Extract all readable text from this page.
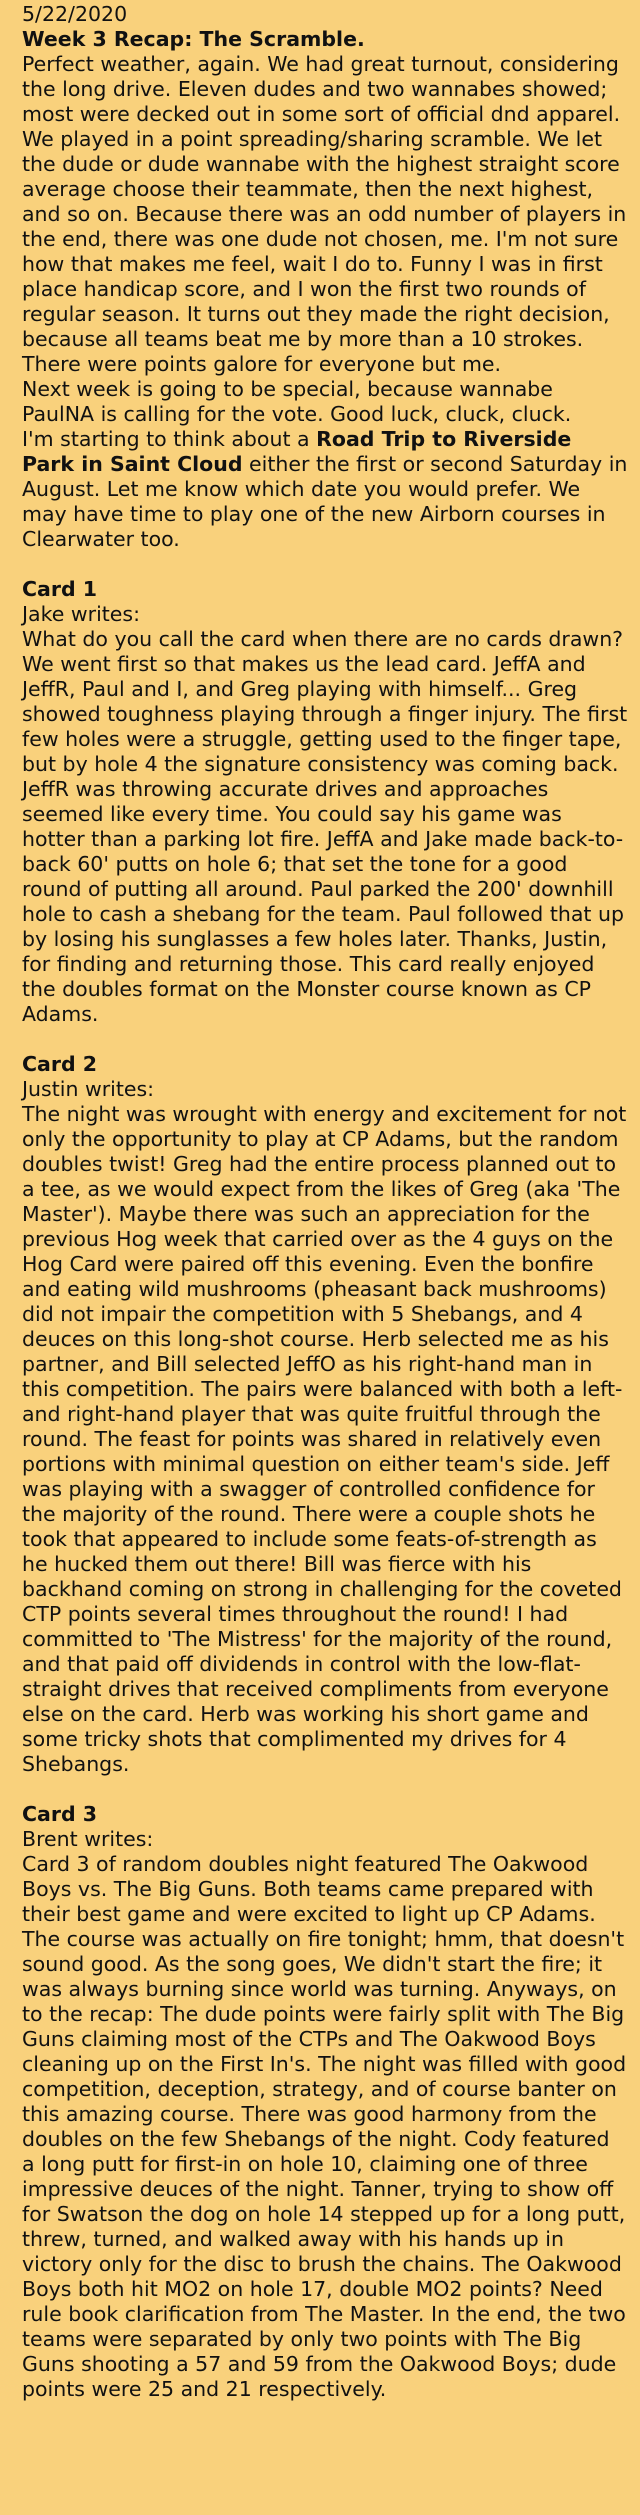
5/22/2020
Week 3 Recap: The Scramble.

Perfect weather, again. We had great turnout, considering the long drive. Eleven dudes and two wannabes showed; most were decked out in some sort of official dnd apparel. We played in a point spreading/sharing scramble. We let the dude or dude wannabe with the highest straight score average choose their teammate, then the next highest, and so on. Because there was an odd number of players in the end, there was one dude not chosen, me. I'm not sure how that makes me feel, wait I do to. Funny I was in first place handicap score, and I won the first two rounds of regular season. It turns out they made the right decision, because all teams beat me by more than a 10 strokes. There were points galore for everyone but me.

Next week is going to be special, because wannabe PaulNA is calling for the vote. Good luck, cluck, cluck.

I'm starting to think about a Road Trip to Riverside Park in Saint Cloud either the first or second Saturday in August. Let me know which date you would prefer. We may have time to play one of the new Airborn courses in Clearwater too.

Card 1
Jake writes:

What do you call the card when there are no cards drawn? We went first so that makes us the lead card. JeffA and JeffR, Paul and I, and Greg playing with himself... Greg showed toughness playing through a finger injury. The first few holes were a struggle, getting used to the finger tape, but by hole 4 the signature consistency was coming back. JeffR was throwing accurate drives and approaches seemed like every time. You could say his game was hotter than a parking lot fire. JeffA and Jake made back-to-back 60' putts on hole 6; that set the tone for a good round of putting all around. Paul parked the 200' downhill hole to cash a shebang for the team. Paul followed that up by losing his sunglasses a few holes later. Thanks, Justin, for finding and returning those. This card really enjoyed the doubles format on the Monster course known as CP Adams.

Card 2
Justin writes:

The night was wrought with energy and excitement for not only the opportunity to play at CP Adams, but the random doubles twist! Greg had the entire process planned out to a tee, as we would expect from the likes of Greg (aka 'The Master'). Maybe there was such an appreciation for the previous Hog week that carried over as the 4 guys on the Hog Card were paired off this evening. Even the bonfire and eating wild mushrooms (pheasant back mushrooms) did not impair the competition with 5 Shebangs, and 4 deuces on this long-shot course. Herb selected me as his partner, and Bill selected JeffO as his right-hand man in this competition. The pairs were balanced with both a left- and right-hand player that was quite fruitful through the round. The feast for points was shared in relatively even portions with minimal question on either team's side. Jeff was playing with a swagger of controlled confidence for the majority of the round. There were a couple shots he took that appeared to include some feats-of-strength as he hucked them out there! Bill was fierce with his backhand coming on strong in challenging for the coveted CTP points several times throughout the round! I had committed to 'The Mistress' for the majority of the round, and that paid off dividends in control with the low-flat-straight drives that received compliments from everyone else on the card. Herb was working his short game and some tricky shots that complimented my drives for 4 Shebangs.

Card 3
Brent writes:

Card 3 of random doubles night featured The Oakwood Boys vs. The Big Guns. Both teams came prepared with their best game and were excited to light up CP Adams. The course was actually on fire tonight; hmm, that doesn't sound good. As the song goes, We didn't start the fire; it was always burning since world was turning. Anyways, on to the recap: The dude points were fairly split with The Big Guns claiming most of the CTPs and The Oakwood Boys cleaning up on the First In's. The night was filled with good competition, deception, strategy, and of course banter on this amazing course. There was good harmony from the doubles on the few Shebangs of the night. Cody featured a long putt for first-in on hole 10, claiming one of three impressive deuces of the night. Tanner, trying to show off for Swatson the dog on hole 14 stepped up for a long putt, threw, turned, and walked away with his hands up in victory only for the disc to brush the chains. The Oakwood Boys both hit MO2 on hole 17, double MO2 points? Need rule book clarification from The Master. In the end, the two teams were separated by only two points with The Big Guns shooting a 57 and 59 from the Oakwood Boys; dude points were 25 and 21 respectively.
